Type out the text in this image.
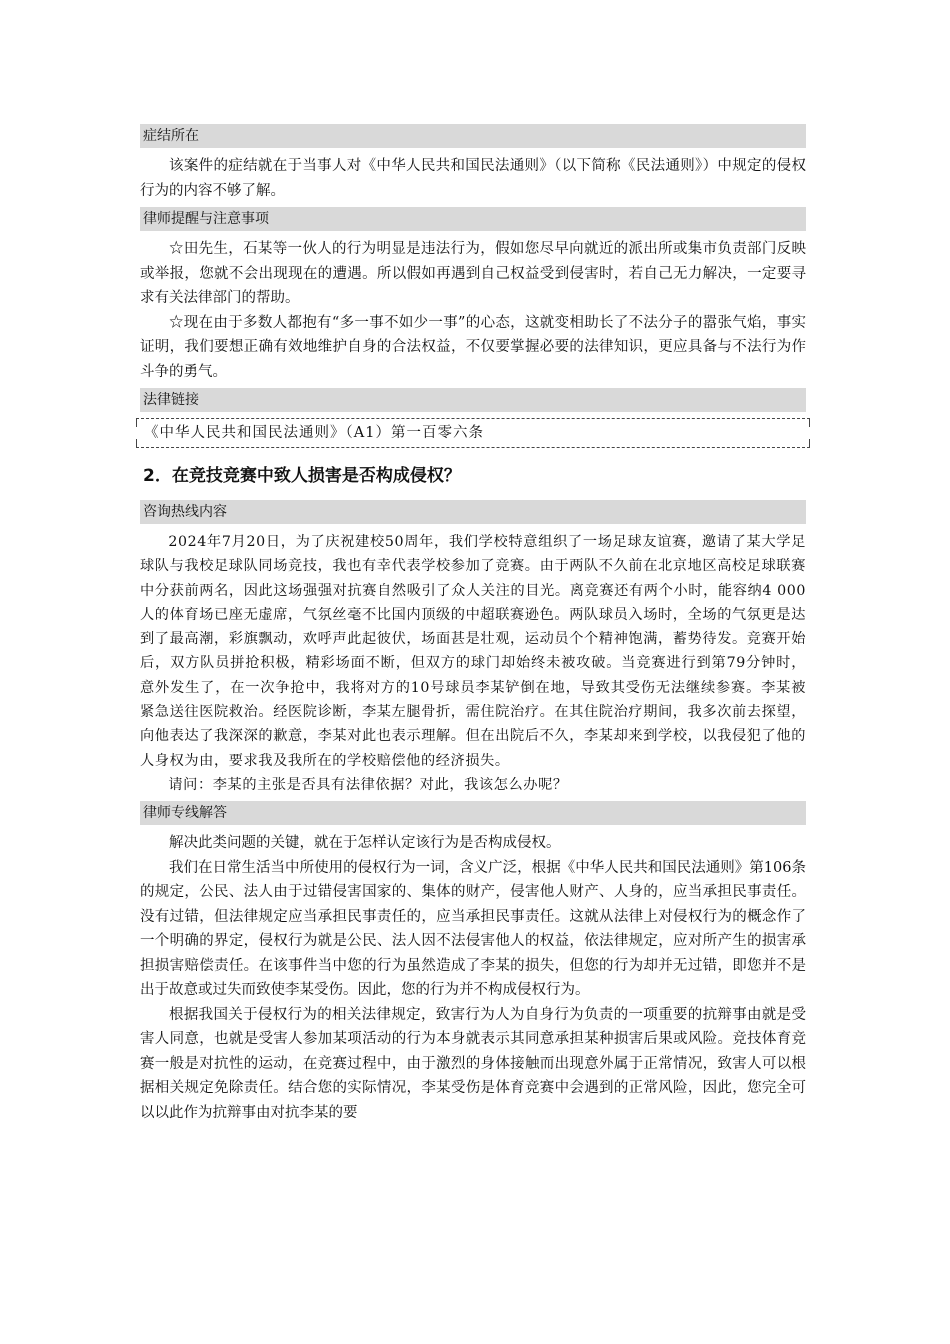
症结所在

该案件的症结就在于当事人对《中华人民共和国民法通则》（以下简称《民法通则》）中规定的侵权行为的内容不够了解。

律师提醒与注意事项

☆田先生，石某等一伙人的行为明显是违法行为，假如您尽早向就近的派出所或集市负责部门反映或举报，您就不会出现现在的遭遇。所以假如再遇到自己权益受到侵害时，若自己无力解决，一定要寻求有关法律部门的帮助。

☆现在由于多数人都抱有“多一事不如少一事”的心态，这就变相助长了不法分子的嚣张气焰，事实证明，我们要想正确有效地维护自身的合法权益，不仅要掌握必要的法律知识，更应具备与不法行为作斗争的勇气。

法律链接
《中华人民共和国民法通则》（A1）第一百零六条
2．在竞技竞赛中致人损害是否构成侵权？
咨询热线内容

2024年7月20日，为了庆祝建校50周年，我们学校特意组织了一场足球友谊赛，邀请了某大学足球队与我校足球队同场竞技，我也有幸代表学校参加了竞赛。由于两队不久前在北京地区高校足球联赛中分获前两名，因此这场强强对抗赛自然吸引了众人关注的目光。离竞赛还有两个小时，能容纳4 000人的体育场已座无虚席，气氛丝毫不比国内顶级的中超联赛逊色。两队球员入场时，全场的气氛更是达到了最高潮，彩旗飘动，欢呼声此起彼伏，场面甚是壮观，运动员个个精神饱满，蓄势待发。竞赛开始后，双方队员拼抢积极，精彩场面不断，但双方的球门却始终未被攻破。当竞赛进行到第79分钟时，意外发生了，在一次争抢中，我将对方的10号球员李某铲倒在地，导致其受伤无法继续参赛。李某被紧急送往医院救治。经医院诊断，李某左腿骨折，需住院治疗。在其住院治疗期间，我多次前去探望，向他表达了我深深的歉意，李某对此也表示理解。但在出院后不久，李某却来到学校，以我侵犯了他的人身权为由，要求我及我所在的学校赔偿他的经济损失。

请问：李某的主张是否具有法律依据？对此，我该怎么办呢？

律师专线解答

解决此类问题的关键，就在于怎样认定该行为是否构成侵权。

我们在日常生活当中所使用的侵权行为一词，含义广泛，根据《中华人民共和国民法通则》第106条的规定，公民、法人由于过错侵害国家的、集体的财产，侵害他人财产、人身的，应当承担民事责任。没有过错，但法律规定应当承担民事责任的，应当承担民事责任。这就从法律上对侵权行为的概念作了一个明确的界定，侵权行为就是公民、法人因不法侵害他人的权益，依法律规定，应对所产生的损害承担损害赔偿责任。在该事件当中您的行为虽然造成了李某的损失，但您的行为却并无过错，即您并不是出于故意或过失而致使李某受伤。因此，您的行为并不构成侵权行为。

根据我国关于侵权行为的相关法律规定，致害行为人为自身行为负责的一项重要的抗辩事由就是受害人同意，也就是受害人参加某项活动的行为本身就表示其同意承担某种损害后果或风险。竞技体育竞赛一般是对抗性的运动，在竞赛过程中，由于激烈的身体接触而出现意外属于正常情况，致害人可以根据相关规定免除责任。结合您的实际情况，李某受伤是体育竞赛中会遇到的正常风险，因此，您完全可以以此作为抗辩事由对抗李某的要
